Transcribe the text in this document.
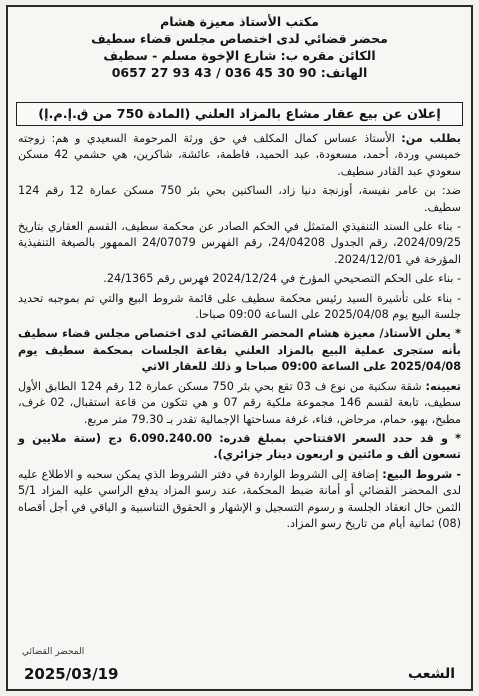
مكتب الأستاذ معيزة هشام
محضر قضائي لدى اختصاص مجلس قضاء سطيف
الكائن مقره ب: شارع الإخوة مسلم - سطيف
الهاتف: 0657 27 93 43 / 036 45 30 90
إعلان عن بيع عقار مشاع بالمزاد العلني (المادة 750 من ق.إ.م.إ)

بطلب من: الأستاذ عساس كمال المكلف في حق ورثة المرحومة السعيدي و هم: زوجته خميسي وردة، أحمد، مسعودة، عبد الحميد، فاطمة، عائشة، شاكرين، هي حشمي 42 مسكن سعودي عبد القادر سطيف.

ضد: بن عامر نفيسة، أوزنجة دنيا زاد، الساكنين بحي بئر 750 مسكن عمارة 12 رقم 124 سطيف.

- بناء على السند التنفيذي المتمثل في الحكم الصادر عن محكمة سطيف، القسم العقاري بتاريخ 2024/09/25، رقم الجدول 24/04208، رقم الفهرس 24/07079 الممهور بالصيغة التنفيذية المؤرخة في 2024/12/01.

- بناء على الحكم التصحيحي المؤرخ في 2024/12/24 فهرس رقم 24/1365.

- بناء على تأشيرة السيد رئيس محكمة سطيف على قائمة شروط البيع والتي تم بموجبه تحديد جلسة البيع يوم 2025/04/08 على الساعة 09:00 صباحا.

* يعلن الأستاذ/ معيزة هشام المحضر القضائي لدى اختصاص مجلس قضاء سطيف بأنه ستجرى عملية البيع بالمزاد العلني بقاعة الجلسات بمحكمة سطيف يوم 2025/04/08 على الساعة 09:00 صباحا و ذلك للعقار الاتي

تعيينه: شقة سكنية من نوع ف 03 تقع بحي بئر 750 مسكن عمارة 12 رقم 124 الطابق الأول سطيف، تابعة لقسم 146 مجموعة ملكية رقم 07 و هي تتكون من قاعة استقبال، 02 غرف، مطبخ، بهو، حمام، مرحاض، فناء، غرفة مساحتها الإجمالية تقدر بـ 79.30 متر مربع.

* و قد حدد السعر الافتتاحي بمبلغ قدره: 6.090.240.00 دج (ستة ملايين و تسعون ألف و مائتين و اربعون دينار جزائري).

- شروط البيع: إضافة إلى الشروط الواردة في دفتر الشروط الذي يمكن سحبه و الاطلاع عليه لدى المحضر القضائي أو أمانة ضبط المحكمة، عند رسو المزاد يدفع الراسي عليه المزاد 5/1 الثمن حال انعقاد الجلسة و رسوم التسجيل و الإشهار و الحقوق التناسبية و الباقي في أجل أقصاه (08) ثمانية أيام من تاريخ رسو المزاد.

المحضر القضائي
2025/03/19	الشعب
